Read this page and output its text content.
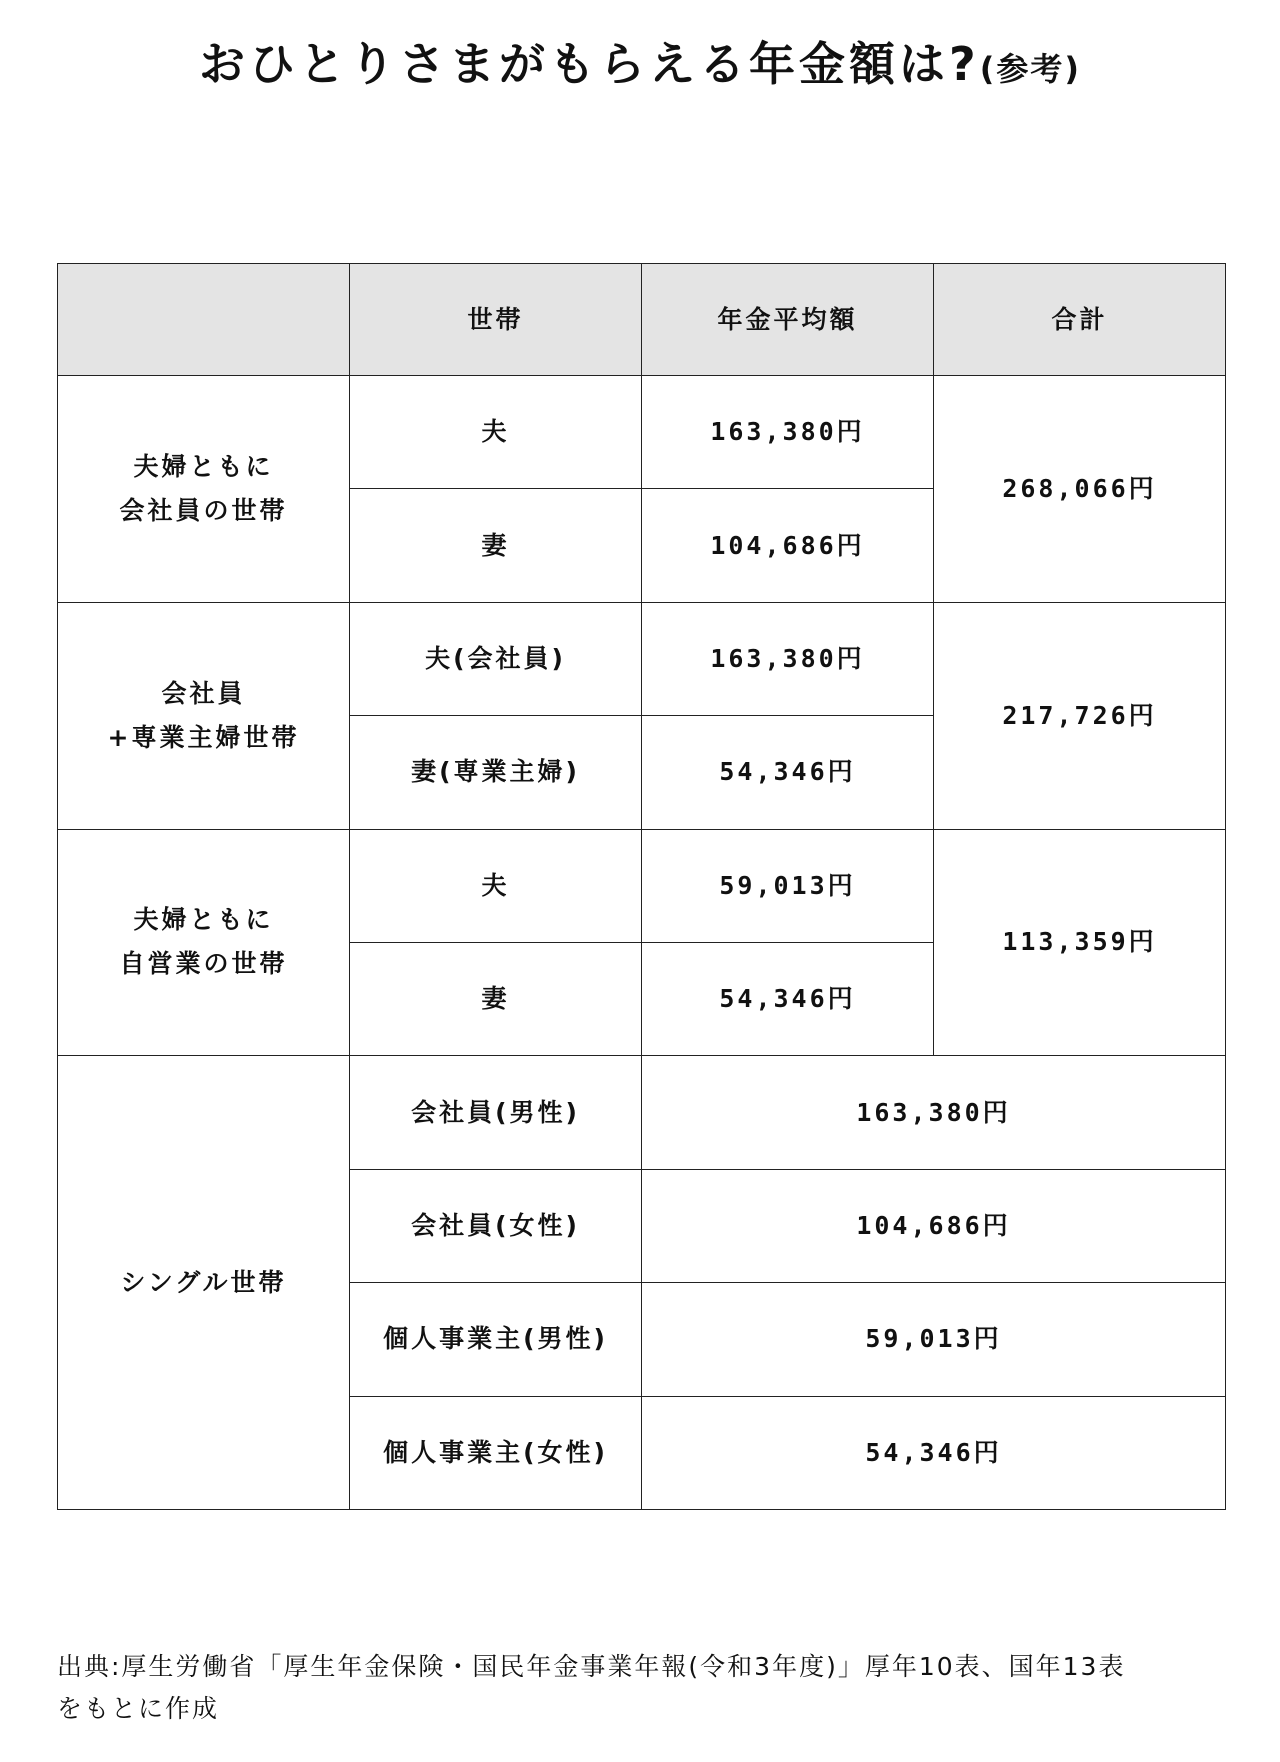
おひとりさまがもらえる年金額は?(参考)
	世帯	年金平均額	合計

夫婦ともに
会社員の世帯	夫	163,380円	268,066円
	妻	104,686円	

会社員
+専業主婦世帯	夫(会社員)	163,380円	217,726円
	妻(専業主婦)	54,346円	

夫婦ともに
自営業の世帯	夫	59,013円	113,359円
	妻	54,346円	

シングル世帯	会社員(男性)	163,380円	
	会社員(女性)	104,686円	
	個人事業主(男性)	59,013円	
	個人事業主(女性)	54,346円	
出典:厚生労働省「厚生年金保険・国民年金事業年報(令和3年度)」厚年10表、国年13表
をもとに作成
